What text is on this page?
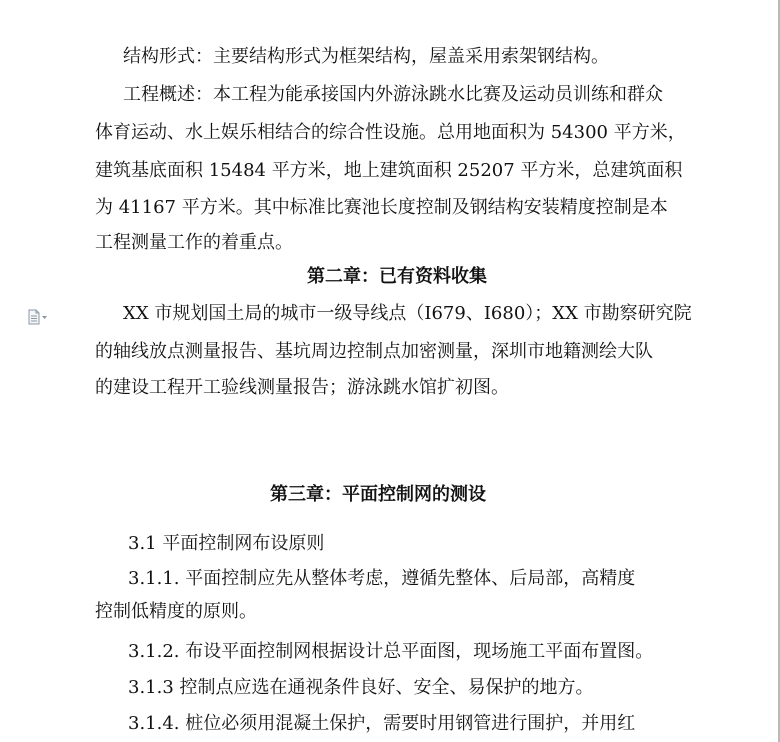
结构形式：主要结构形式为框架结构，屋盖采用索架钢结构。
工程概述：本工程为能承接国内外游泳跳水比赛及运动员训练和群众
体育运动、水上娱乐相结合的综合性设施。总用地面积为 54300 平方米，
建筑基底面积 15484 平方米，地上建筑面积 25207 平方米，总建筑面积
为 41167 平方米。其中标准比赛池长度控制及钢结构安装精度控制是本
工程测量工作的着重点。
第二章：已有资料收集
XX 市规划国土局的城市一级导线点（I679、I680）；XX 市勘察研究院
的轴线放点测量报告、基坑周边控制点加密测量，深圳市地籍测绘大队
的建设工程开工验线测量报告；游泳跳水馆扩初图。
第三章：平面控制网的测设
3.1 平面控制网布设原则
3.1.1. 平面控制应先从整体考虑，遵循先整体、后局部，高精度
控制低精度的原则。
3.1.2. 布设平面控制网根据设计总平面图，现场施工平面布置图。
3.1.3 控制点应选在通视条件良好、安全、易保护的地方。
3.1.4. 桩位必须用混凝土保护，需要时用钢管进行围护，并用红
